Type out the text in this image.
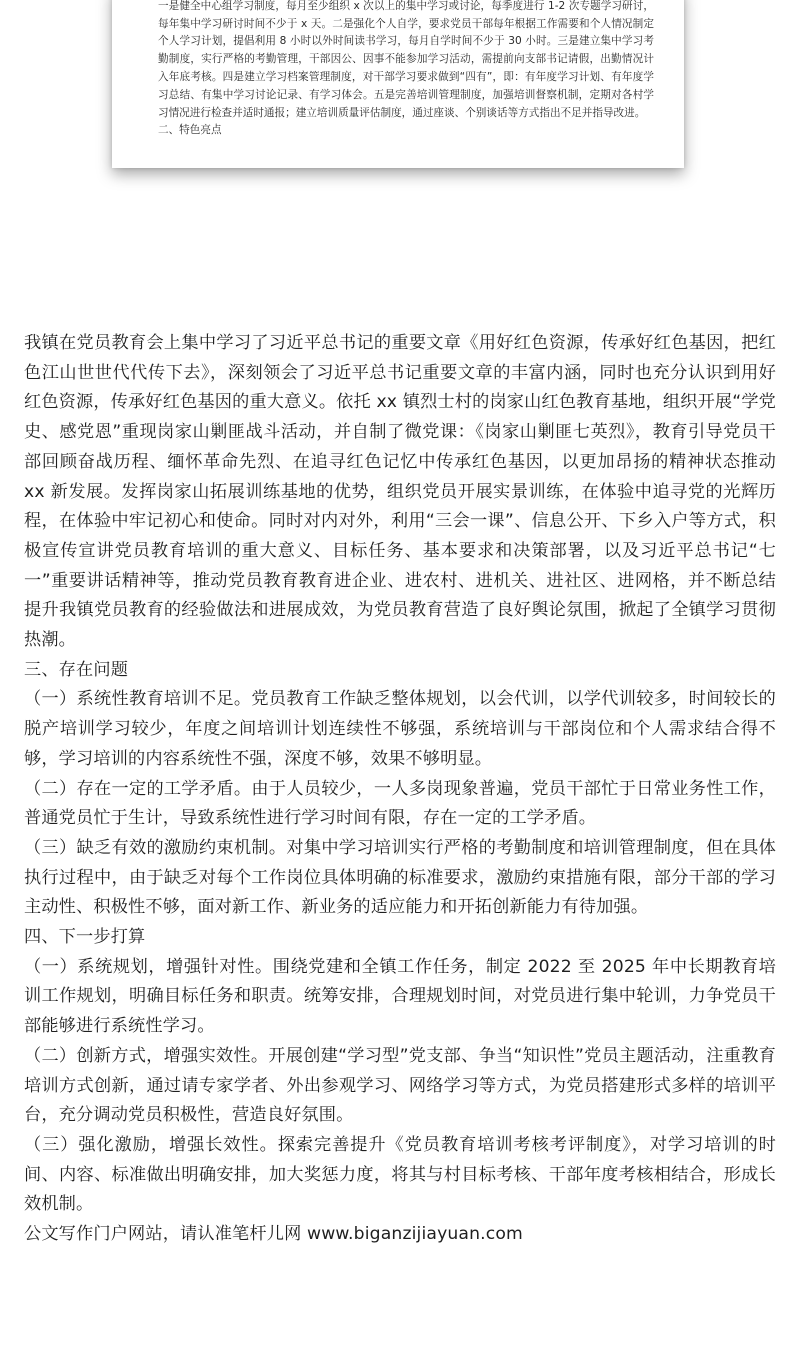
一是健全中心组学习制度，每月至少组织 x 次以上的集中学习或讨论，每季度进行 1-2 次专题学习研讨，每年集中学习研讨时间不少于 x 天。二是强化个人自学，要求党员干部每年根据工作需要和个人情况制定个人学习计划，提倡利用 8 小时以外时间读书学习，每月自学时间不少于 30 小时。三是建立集中学习考勤制度，实行严格的考勤管理，干部因公、因事不能参加学习活动，需提前向支部书记请假，出勤情况计入年底考核。四是建立学习档案管理制度，对干部学习要求做到“四有”，即：有年度学习计划、有年度学习总结、有集中学习讨论记录、有学习体会。五是完善培训管理制度，加强培训督察机制，定期对各村学习情况进行检查并适时通报；建立培训质量评估制度，通过座谈、个别谈话等方式指出不足并指导改进。

二、特色亮点

我镇在党员教育会上集中学习了习近平总书记的重要文章《用好红色资源，传承好红色基因，把红色江山世世代代传下去》，深刻领会了习近平总书记重要文章的丰富内涵，同时也充分认识到用好红色资源，传承好红色基因的重大意义。依托 xx 镇烈士村的岗家山红色教育基地，组织开展“学党史、感党恩”重现岗家山剿匪战斗活动，并自制了微党课：《岗家山剿匪七英烈》，教育引导党员干部回顾奋战历程、缅怀革命先烈、在追寻红色记忆中传承红色基因，以更加昂扬的精神状态推动 xx 新发展。发挥岗家山拓展训练基地的优势，组织党员开展实景训练，在体验中追寻党的光辉历程，在体验中牢记初心和使命。同时对内对外，利用“三会一课”、信息公开、下乡入户等方式，积极宣传宣讲党员教育培训的重大意义、目标任务、基本要求和决策部署，以及习近平总书记“七一”重要讲话精神等，推动党员教育教育进企业、进农村、进机关、进社区、进网格，并不断总结提升我镇党员教育的经验做法和进展成效，为党员教育营造了良好舆论氛围，掀起了全镇学习贯彻热潮。

三、存在问题

（一）系统性教育培训不足。党员教育工作缺乏整体规划，以会代训，以学代训较多，时间较长的脱产培训学习较少，年度之间培训计划连续性不够强，系统培训与干部岗位和个人需求结合得不够，学习培训的内容系统性不强，深度不够，效果不够明显。

（二）存在一定的工学矛盾。由于人员较少，一人多岗现象普遍，党员干部忙于日常业务性工作，普通党员忙于生计，导致系统性进行学习时间有限，存在一定的工学矛盾。

（三）缺乏有效的激励约束机制。对集中学习培训实行严格的考勤制度和培训管理制度，但在具体执行过程中，由于缺乏对每个工作岗位具体明确的标准要求，激励约束措施有限，部分干部的学习主动性、积极性不够，面对新工作、新业务的适应能力和开拓创新能力有待加强。

四、下一步打算

（一）系统规划，增强针对性。围绕党建和全镇工作任务，制定 2022 至 2025 年中长期教育培训工作规划，明确目标任务和职责。统筹安排，合理规划时间，对党员进行集中轮训，力争党员干部能够进行系统性学习。

（二）创新方式，增强实效性。开展创建“学习型”党支部、争当“知识性”党员主题活动，注重教育培训方式创新，通过请专家学者、外出参观学习、网络学习等方式，为党员搭建形式多样的培训平台，充分调动党员积极性，营造良好氛围。

（三）强化激励，增强长效性。探索完善提升《党员教育培训考核考评制度》，对学习培训的时间、内容、标准做出明确安排，加大奖惩力度，将其与村目标考核、干部年度考核相结合，形成长效机制。

公文写作门户网站，请认准笔杆儿网 www.biganzijiayuan.com
